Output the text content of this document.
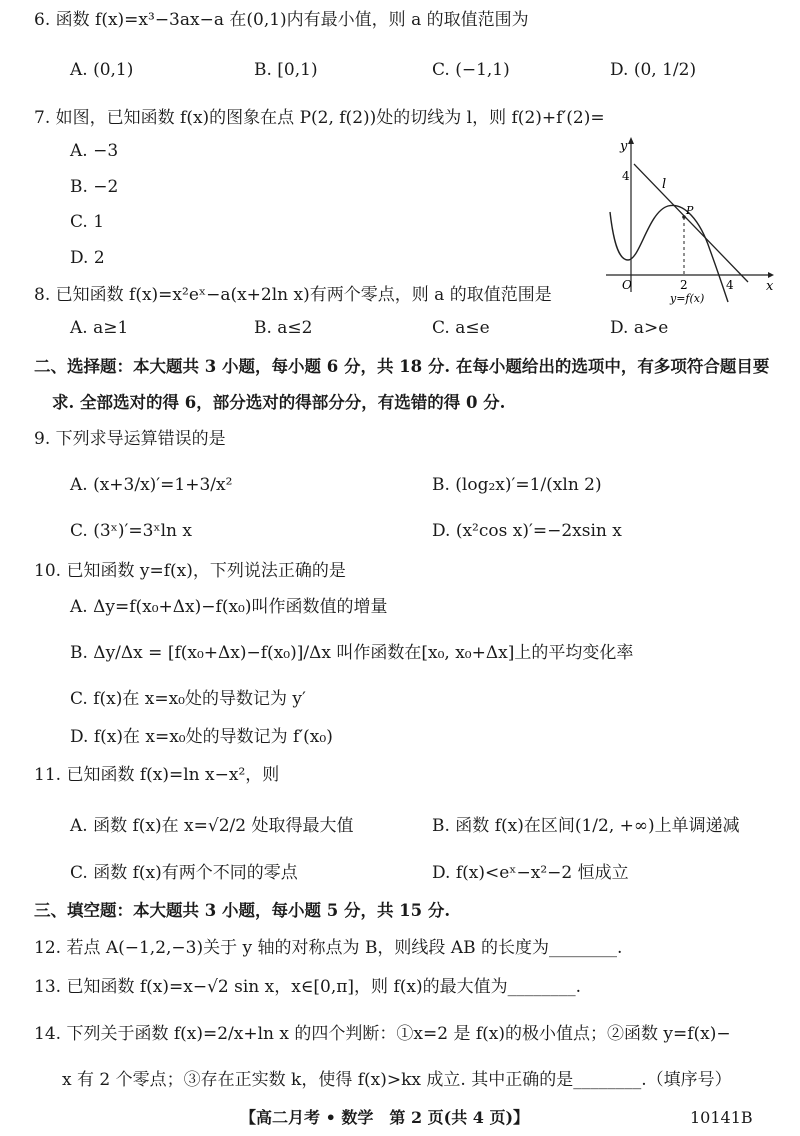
6. 函数 f(x)=x³−3ax−a 在(0,1)内有最小值，则 a 的取值范围为
A. (0,1)	B. [0,1)	C. (−1,1)	D. (0, 1/2)
7. 如图，已知函数 f(x)的图象在点 P(2, f(2))处的切线为 l，则 f(2)+f′(2)=
A. −3
B. −2
C. 1
D. 2
y
x
4
O	2	4
l
P
y=f(x)
8. 已知函数 f(x)=x²eˣ−a(x+2ln x)有两个零点，则 a 的取值范围是
A. a≥1	B. a≤2	C. a≤e	D. a>e
二、选择题：本大题共 3 小题，每小题 6 分，共 18 分. 在每小题给出的选项中，有多项符合题目要
求. 全部选对的得 6，部分选对的得部分分，有选错的得 0 分.
9. 下列求导运算错误的是
A. (x+3/x)′=1+3/x²	B. (log₂x)′=1/(xln 2)
C. (3ˣ)′=3ˣln x	D. (x²cos x)′=−2xsin x
10. 已知函数 y=f(x)，下列说法正确的是
A. Δy=f(x₀+Δx)−f(x₀)叫作函数值的增量
B. Δy/Δx = [f(x₀+Δx)−f(x₀)]/Δx 叫作函数在[x₀, x₀+Δx]上的平均变化率
C. f(x)在 x=x₀处的导数记为 y′
D. f(x)在 x=x₀处的导数记为 f′(x₀)
11. 已知函数 f(x)=ln x−x²，则
A. 函数 f(x)在 x=√2/2 处取得最大值	B. 函数 f(x)在区间(1/2, +∞)上单调递减
C. 函数 f(x)有两个不同的零点	D. f(x)<eˣ−x²−2 恒成立
三、填空题：本大题共 3 小题，每小题 5 分，共 15 分.
12. 若点 A(−1,2,−3)关于 y 轴的对称点为 B，则线段 AB 的长度为________.
13. 已知函数 f(x)=x−√2 sin x，x∈[0,π]，则 f(x)的最大值为________.
14. 下列关于函数 f(x)=2/x+ln x 的四个判断：①x=2 是 f(x)的极小值点；②函数 y=f(x)−
x 有 2 个零点；③存在正实数 k，使得 f(x)>kx 成立. 其中正确的是________.（填序号）
【高二月考 • 数学　第 2 页(共 4 页)】	10141B
